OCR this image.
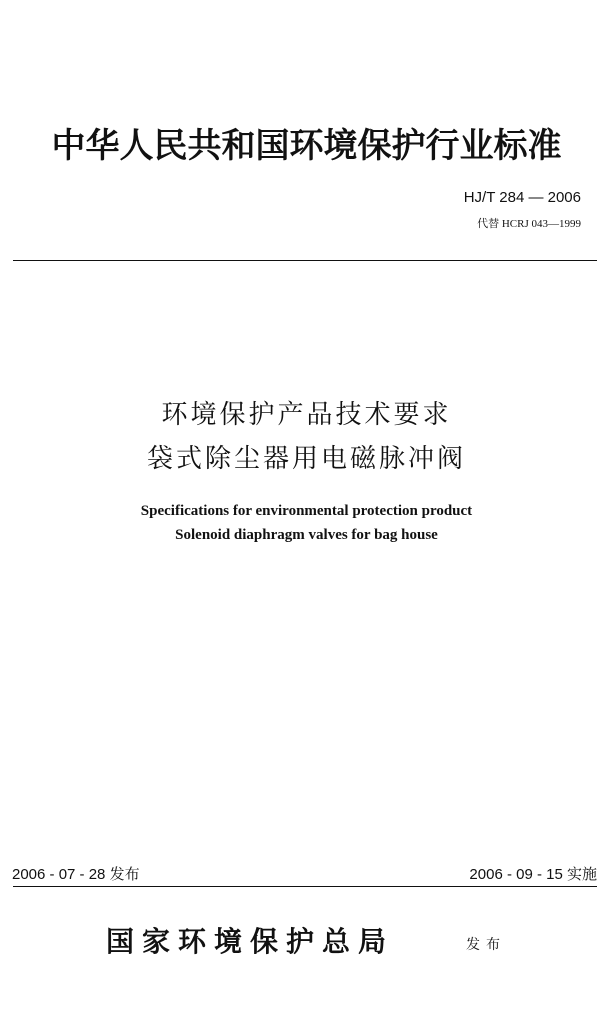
中华人民共和国环境保护行业标准
HJ/T 284 — 2006
代替 HCRJ 043—1999
环境保护产品技术要求
袋式除尘器用电磁脉冲阀
Specifications for environmental protection product
Solenoid diaphragm valves for bag house
2006 - 07 - 28 发布	2006 - 09 - 15 实施
国家环境保护总局	发布
